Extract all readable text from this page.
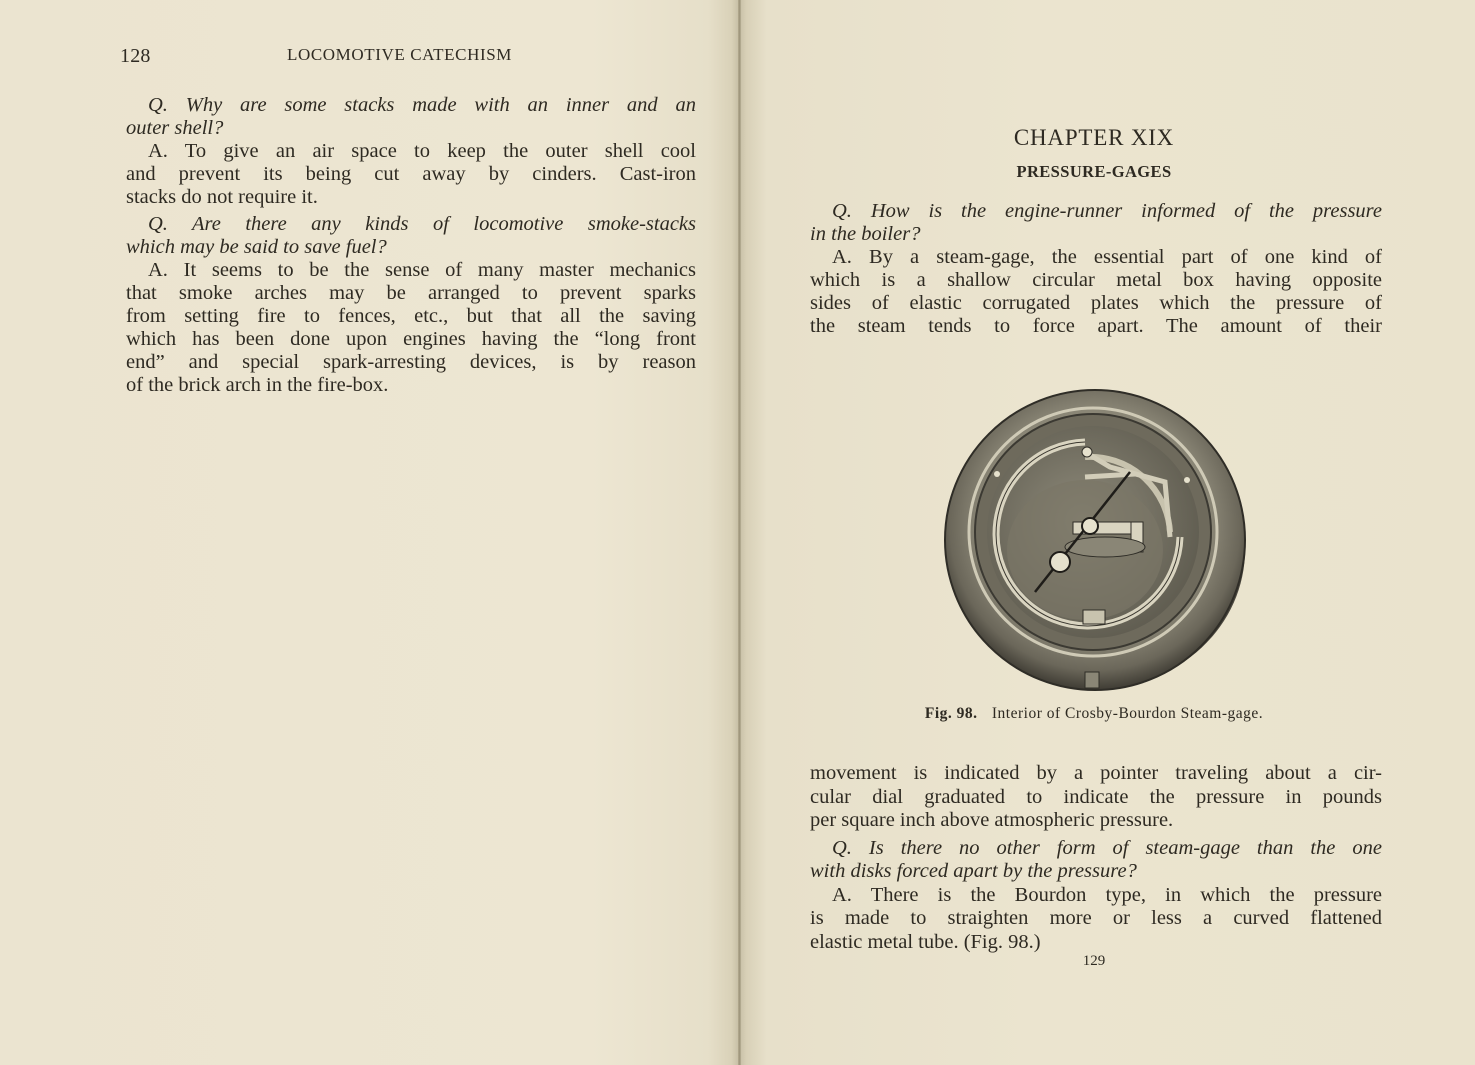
128	LOCOMOTIVE CATECHISM
Q. Why are some stacks made with an inner and an
outer shell?
A. To give an air space to keep the outer shell cool
and prevent its being cut away by cinders. Cast-iron
stacks do not require it.
Q. Are there any kinds of locomotive smoke-stacks
which may be said to save fuel?
A. It seems to be the sense of many master mechanics
that smoke arches may be arranged to prevent sparks
from setting fire to fences, etc., but that all the saving
which has been done upon engines having the “long front
end” and special spark-arresting devices, is by reason
of the brick arch in the fire-box.
CHAPTER XIX
PRESSURE-GAGES
Q. How is the engine-runner informed of the pressure
in the boiler?
A. By a steam-gage, the essential part of one kind of
which is a shallow circular metal box having opposite
sides of elastic corrugated plates which the pressure of
the steam tends to force apart. The amount of their
Fig. 98. Interior of Crosby-Bourdon Steam-gage.
movement is indicated by a pointer traveling about a cir-
cular dial graduated to indicate the pressure in pounds
per square inch above atmospheric pressure.
Q. Is there no other form of steam-gage than the one
with disks forced apart by the pressure?
A. There is the Bourdon type, in which the pressure
is made to straighten more or less a curved flattened
elastic metal tube. (Fig. 98.)
129
